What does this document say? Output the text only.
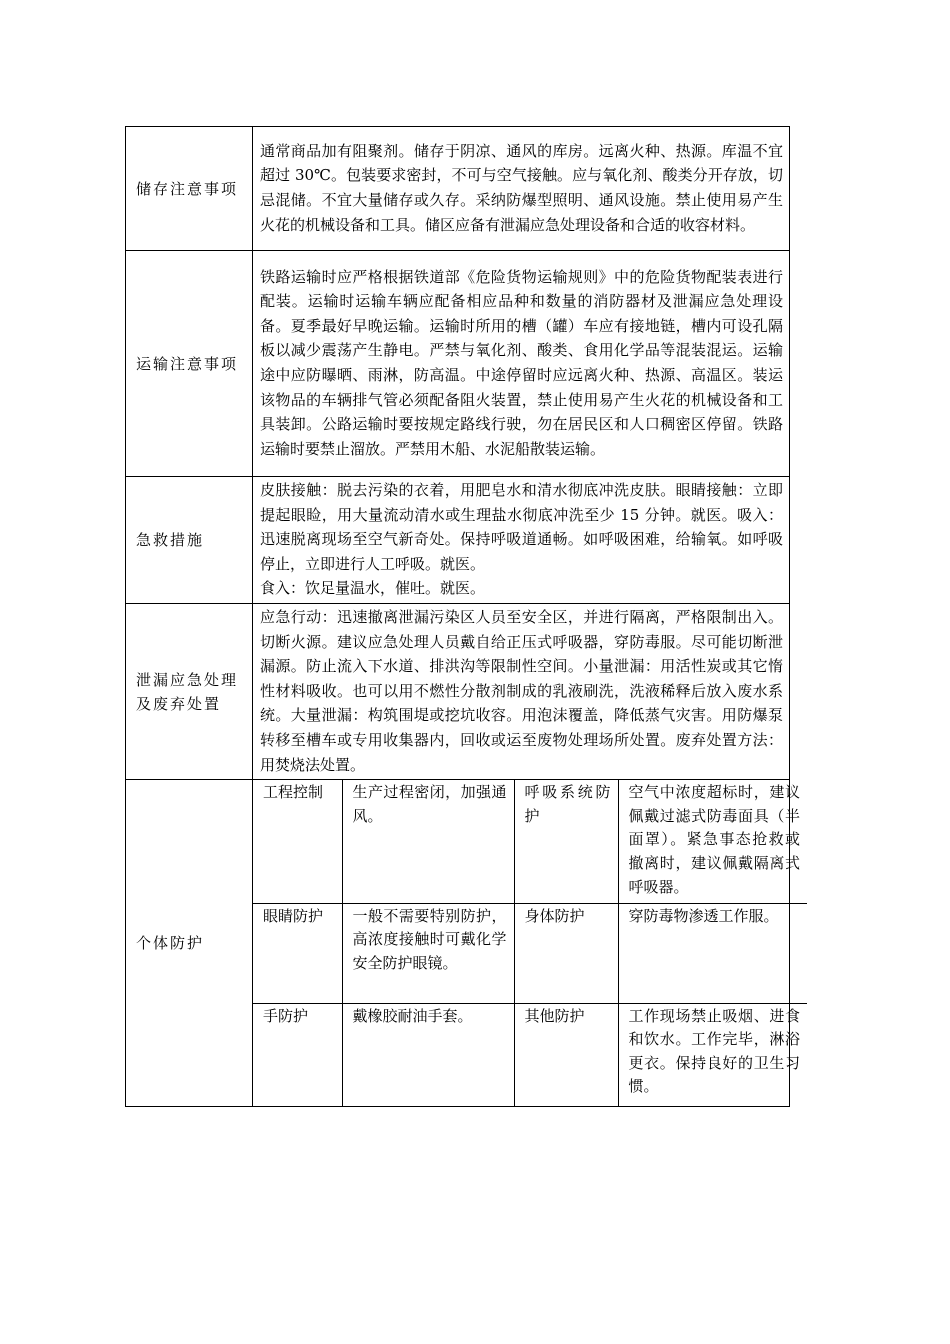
储存注意事项	
通常商品加有阻聚剂。储存于阴凉、通风的库房。远离火种、热源。库温不宜超过 30℃。包装要求密封，不可与空气接触。应与氧化剂、酸类分开存放，切忌混储。不宜大量储存或久存。采纳防爆型照明、通风设施。禁止使用易产生火花的机械设备和工具。储区应备有泄漏应急处理设备和合适的收容材料。

运输注意事项	
铁路运输时应严格根据铁道部《危险货物运输规则》中的危险货物配装表进行配装。运输时运输车辆应配备相应品种和数量的消防器材及泄漏应急处理设备。夏季最好早晚运输。运输时所用的槽（罐）车应有接地链，槽内可设孔隔板以减少震荡产生静电。严禁与氧化剂、酸类、食用化学品等混装混运。运输途中应防曝晒、雨淋，防高温。中途停留时应远离火种、热源、高温区。装运该物品的车辆排气管必须配备阻火装置，禁止使用易产生火花的机械设备和工具装卸。公路运输时要按规定路线行驶，勿在居民区和人口稠密区停留。铁路运输时要禁止溜放。严禁用木船、水泥船散装运输。

急救措施	
皮肤接触：脱去污染的衣着，用肥皂水和清水彻底冲洗皮肤。眼睛接触：立即提起眼睑，用大量流动清水或生理盐水彻底冲洗至少 15 分钟。就医。吸入：迅速脱离现场至空气新奇处。保持呼吸道通畅。如呼吸困难，给输氧。如呼吸停止，立即进行人工呼吸。就医。
食入：饮足量温水，催吐。就医。

泄漏应急处理及废弃处置	
应急行动：迅速撤离泄漏污染区人员至安全区，并进行隔离，严格限制出入。切断火源。建议应急处理人员戴自给正压式呼吸器，穿防毒服。尽可能切断泄漏源。防止流入下水道、排洪沟等限制性空间。小量泄漏：用活性炭或其它惰性材料吸收。也可以用不燃性分散剂制成的乳液刷洗，洗液稀释后放入废水系统。大量泄漏：构筑围堤或挖坑收容。用泡沫覆盖，降低蒸气灾害。用防爆泵转移至槽车或专用收集器内，回收或运至废物处理场所处置。废弃处置方法：用焚烧法处置。

个体防护	
工程控制	生产过程密闭，加强通风。	呼吸系统防护	空气中浓度超标时，建议佩戴过滤式防毒面具（半面罩）。紧急事态抢救或撤离时，建议佩戴隔离式呼吸器。
眼睛防护	一般不需要特别防护，高浓度接触时可戴化学安全防护眼镜。	身体防护	穿防毒物渗透工作服。
手防护	戴橡胶耐油手套。	其他防护	工作现场禁止吸烟、进食和饮水。工作完毕，淋浴更衣。保持良好的卫生习惯。
